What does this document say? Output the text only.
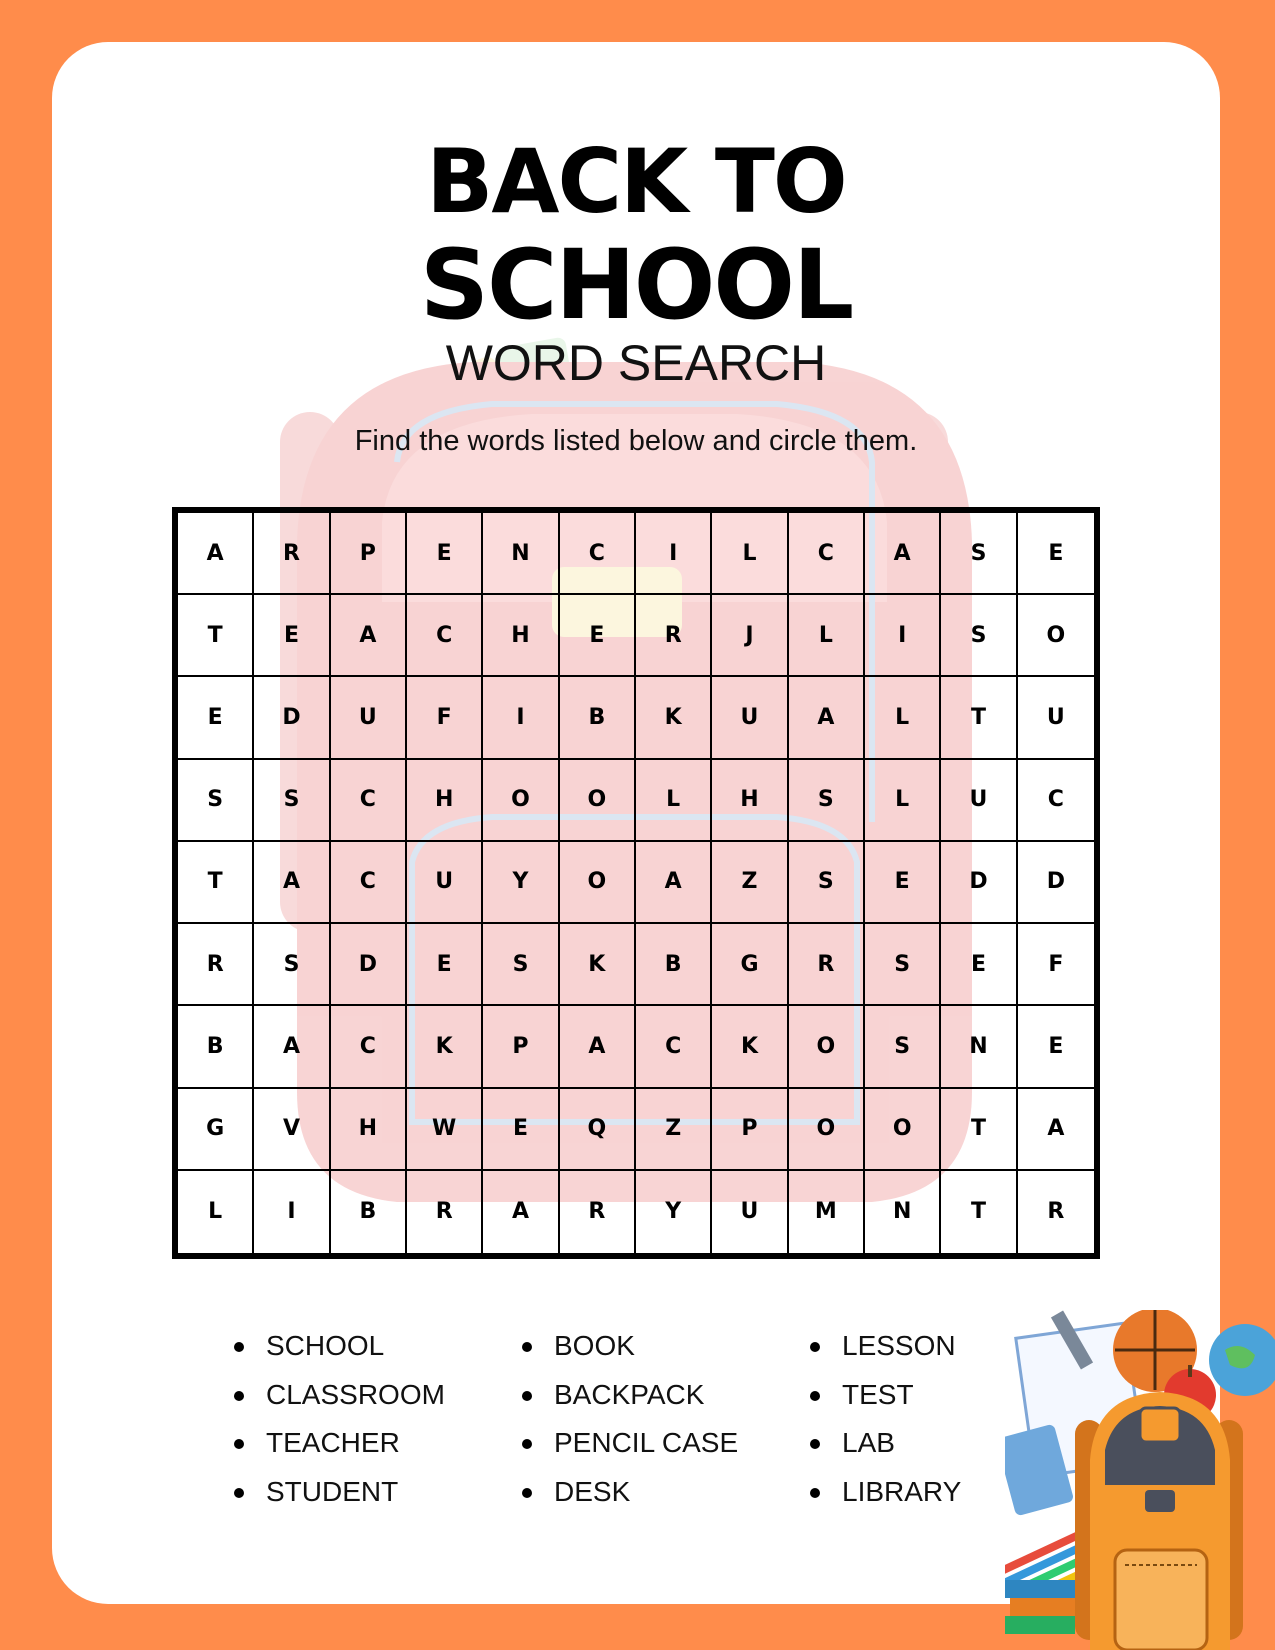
BACK TO
SCHOOL
WORD SEARCH
Find the words listed below and circle them.
A	R	P	E	N	C	I	L	C	A	S	E
T	E	A	C	H	E	R	J	L	I	S	O
E	D	U	F	I	B	K	U	A	L	T	U
S	S	C	H	O	O	L	H	S	L	U	C
T	A	C	U	Y	O	A	Z	S	E	D	D
R	S	D	E	S	K	B	G	R	S	E	F
B	A	C	K	P	A	C	K	O	S	N	E
G	V	H	W	E	Q	Z	P	O	O	T	A
L	I	B	R	A	R	Y	U	M	N	T	R
SCHOOL
CLASSROOM
TEACHER
STUDENT
BOOK
BACKPACK
PENCIL CASE
DESK
LESSON
TEST
LAB
LIBRARY
